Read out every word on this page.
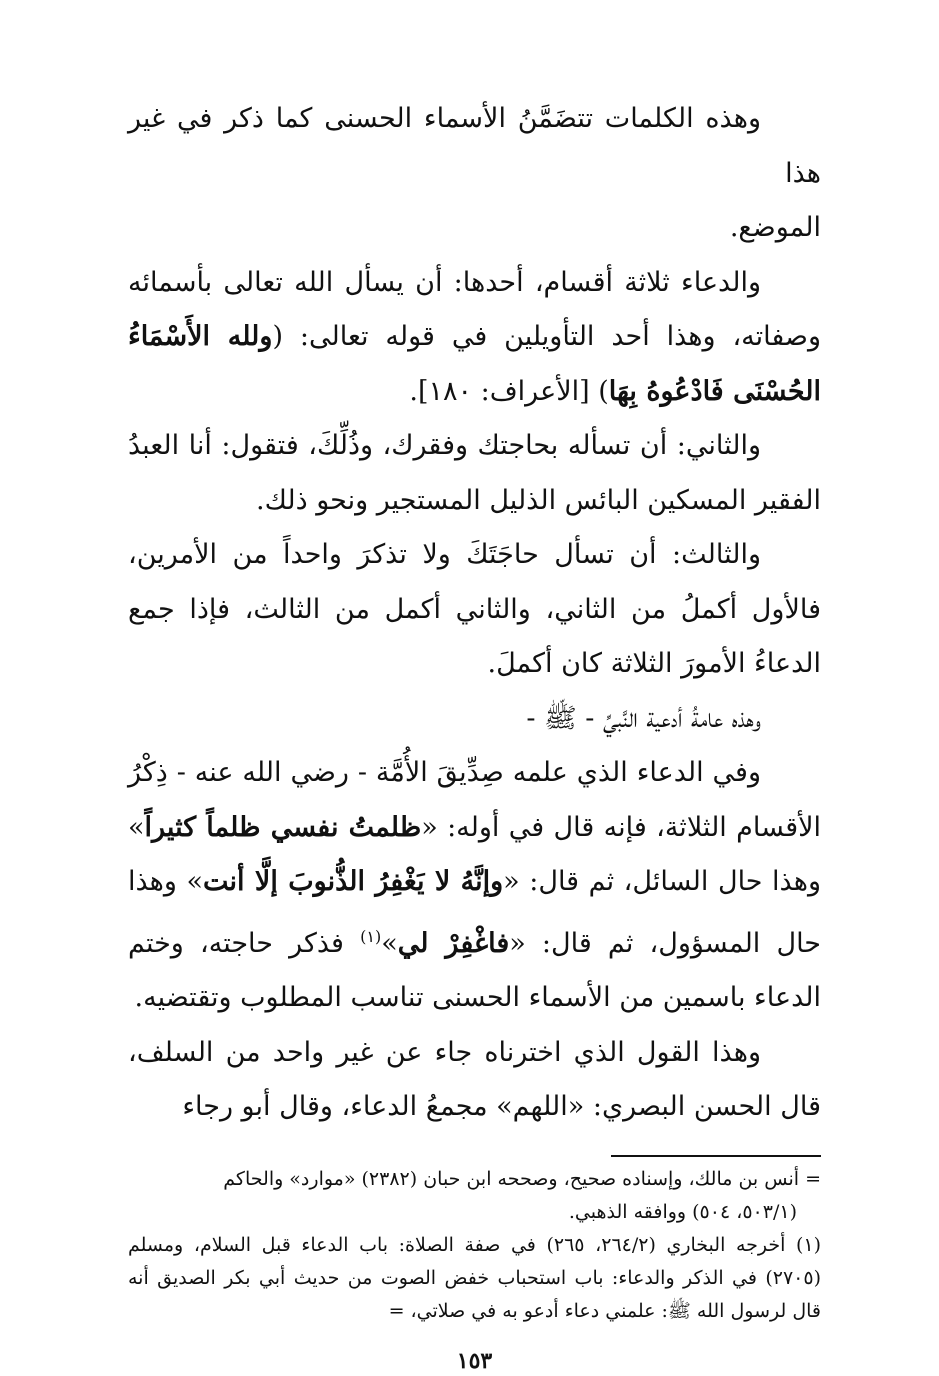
وهذه الكلمات تتضَمَّنُ الأسماء الحسنى كما ذكر في غير هذا
الموضع.

والدعاء ثلاثة أقسام، أحدها: أن يسأل الله تعالى بأسمائه وصفاته، وهذا أحد التأويلين في قوله تعالى: (ولله الأَسْمَاءُ الحُسْنَى فَادْعُوهُ بِهَا) [الأعراف: ١٨٠].

والثاني: أن تسأله بحاجتك وفقرك، وذُلِّكَ، فتقول: أنا العبدُ الفقير المسكين البائس الذليل المستجير ونحو ذلك.

والثالث: أن تسأل حاجَتَكَ ولا تذكرَ واحداً من الأمرين، فالأول أكملُ من الثاني، والثاني أكمل من الثالث، فإذا جمع الدعاءُ الأمورَ الثلاثة كان أكملَ.

وهذه عامةُ أدعية النَّبيِّ - ﷺ -

وفي الدعاء الذي علمه صِدِّيقَ الأُمَّة - رضي الله عنه - ذِكْرُ الأقسام الثلاثة، فإنه قال في أوله: «ظلمتُ نفسي ظلماً كثيراً» وهذا حال السائل، ثم قال: «وإنَّهُ لا يَغْفِرُ الذُّنوبَ إلَّا أنت» وهذا حال المسؤول، ثم قال: «فاغْفِرْ لي»$^{(١)}$ فذكر حاجته، وختم الدعاء باسمين من الأسماء الحسنى تناسب المطلوب وتقتضيه.

وهذا القول الذي اخترناه جاء عن غير واحد من السلف، قال الحسن البصري: «اللهم» مجمعُ الدعاء، وقال أبو رجاء

= أنس بن مالك، وإسناده صحيح، وصححه ابن حبان (٢٣٨٢) «موارد» والحاكم
(٥٠٣/١، ٥٠٤) ووافقه الذهبي.

(١) أخرجه البخاري (٢٦٤/٢، ٢٦٥) في صفة الصلاة: باب الدعاء قبل السلام، ومسلم (٢٧٠٥) في الذكر والدعاء: باب استحباب خفض الصوت من حديث أبي بكر الصديق أنه قال لرسول الله ﷺ: علمني دعاء أدعو به في صلاتي، =

١٥٣
